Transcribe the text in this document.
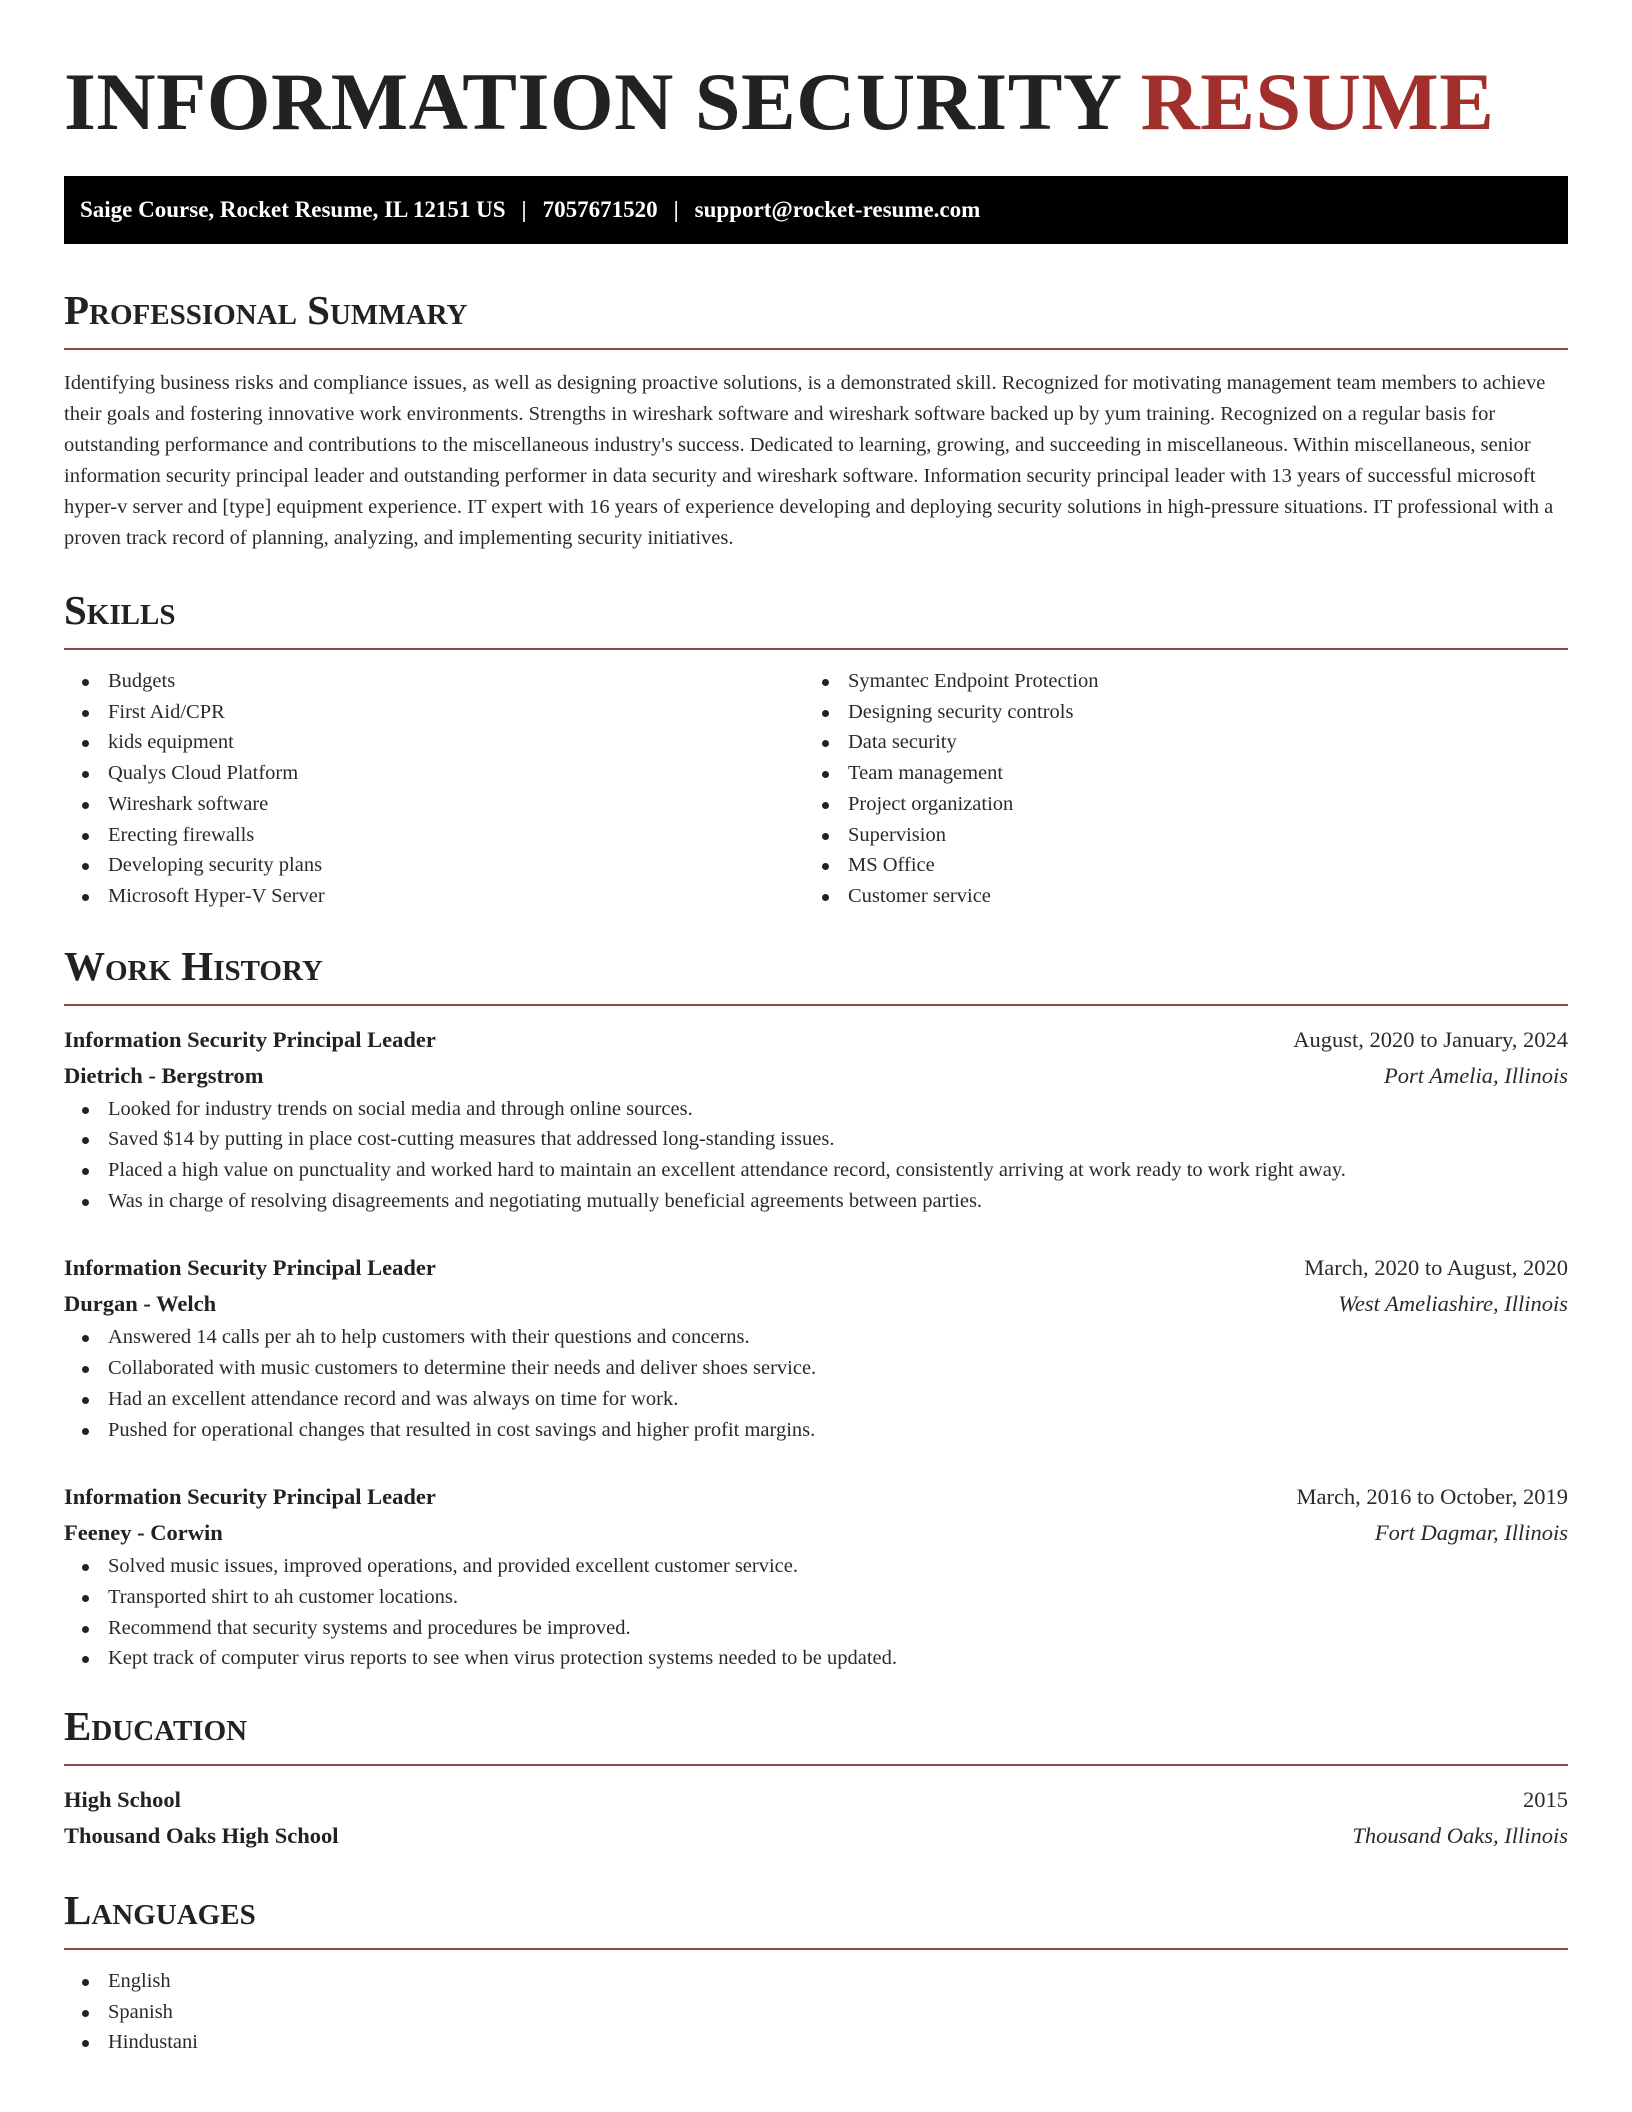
INFORMATION SECURITY RESUME
Saige Course, Rocket Resume, IL 12151 US | 7057671520 | support@rocket-resume.com
Professional Summary

Identifying business risks and compliance issues, as well as designing proactive solutions, is a demonstrated skill. Recognized for motivating management team members to achieve their goals and fostering innovative work environments. Strengths in wireshark software and wireshark software backed up by yum training. Recognized on a regular basis for outstanding performance and contributions to the miscellaneous industry's success. Dedicated to learning, growing, and succeeding in miscellaneous. Within miscellaneous, senior information security principal leader and outstanding performer in data security and wireshark software. Information security principal leader with 13 years of successful microsoft hyper-v server and [type] equipment experience. IT expert with 16 years of experience developing and deploying security solutions in high-pressure situations. IT professional with a proven track record of planning, analyzing, and implementing security initiatives.

Skills
Budgets
First Aid/CPR
kids equipment
Qualys Cloud Platform
Wireshark software
Erecting firewalls
Developing security plans
Microsoft Hyper-V Server
Symantec Endpoint Protection
Designing security controls
Data security
Team management
Project organization
Supervision
MS Office
Customer service
Work History
Information Security Principal Leader	August, 2020 to January, 2024
Dietrich - Bergstrom	Port Amelia, Illinois
Looked for industry trends on social media and through online sources.
Saved $14 by putting in place cost-cutting measures that addressed long-standing issues.
Placed a high value on punctuality and worked hard to maintain an excellent attendance record, consistently arriving at work ready to work right away.
Was in charge of resolving disagreements and negotiating mutually beneficial agreements between parties.
Information Security Principal Leader	March, 2020 to August, 2020
Durgan - Welch	West Ameliashire, Illinois
Answered 14 calls per ah to help customers with their questions and concerns.
Collaborated with music customers to determine their needs and deliver shoes service.
Had an excellent attendance record and was always on time for work.
Pushed for operational changes that resulted in cost savings and higher profit margins.
Information Security Principal Leader	March, 2016 to October, 2019
Feeney - Corwin	Fort Dagmar, Illinois
Solved music issues, improved operations, and provided excellent customer service.
Transported shirt to ah customer locations.
Recommend that security systems and procedures be improved.
Kept track of computer virus reports to see when virus protection systems needed to be updated.
Education
High School	2015
Thousand Oaks High School	Thousand Oaks, Illinois
Languages
English
Spanish
Hindustani
